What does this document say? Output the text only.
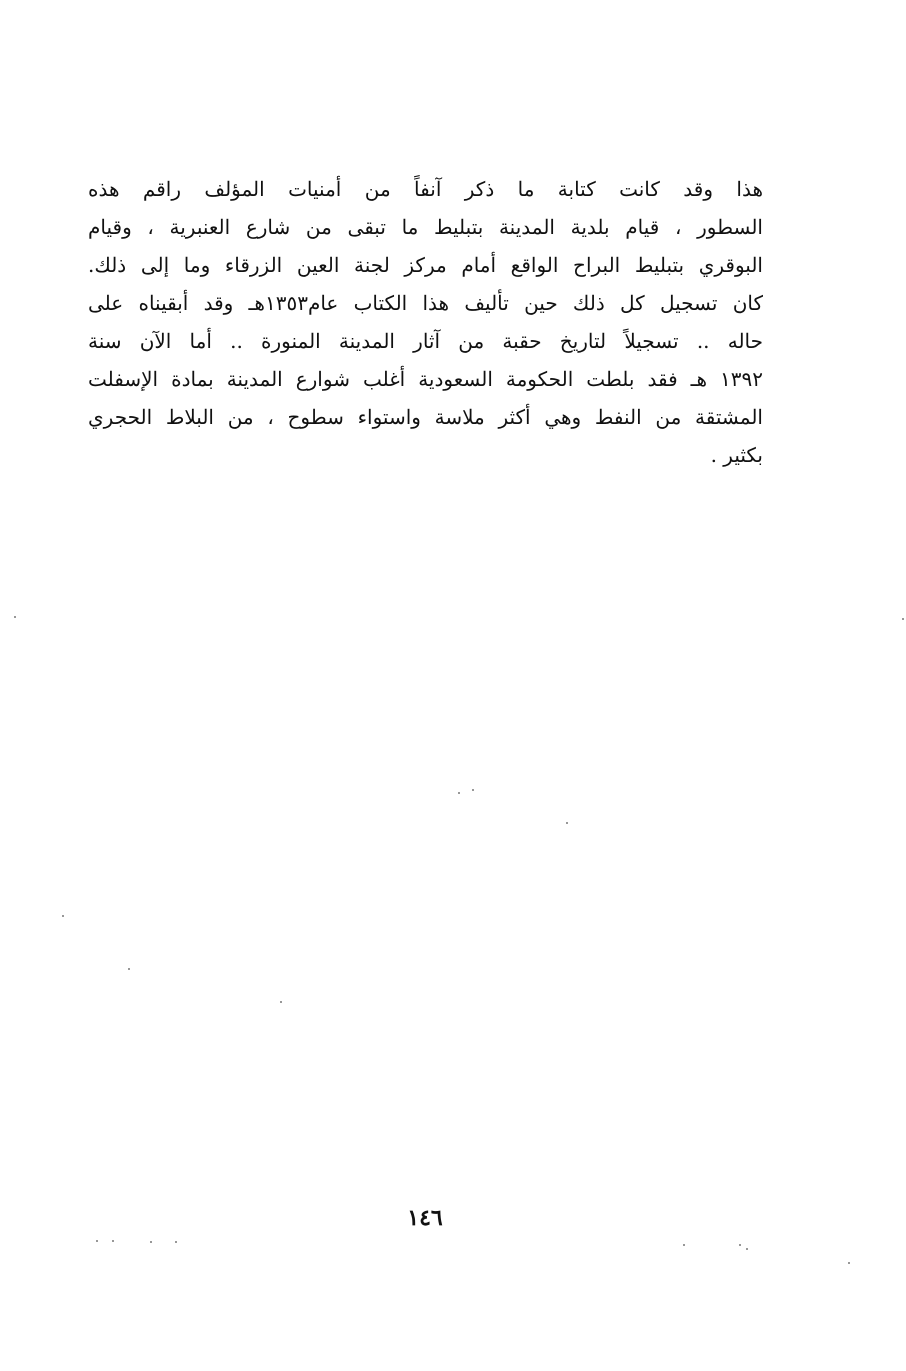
هذا وقد كانت كتابة ما ذكر آنفاً من أمنيات المؤلف راقم هذه
السطور ، قيام بلدية المدينة بتبليط ما تبقى من شارع العنبرية ، وقيام
البوقري بتبليط البراح الواقع أمام مركز لجنة العين الزرقاء وما إلى ذلك.
كان تسجيل كل ذلك حين تأليف هذا الكتاب عام١٣٥٣هـ وقد أبقيناه على
حاله .. تسجيلاً لتاريخ حقبة من آثار المدينة المنورة .. أما الآن سنة
١٣٩٢ هـ فقد بلطت الحكومة السعودية أغلب شوارع المدينة بمادة الإسفلت
المشتقة من النفط وهي أكثر ملاسة واستواء سطوح ، من البلاط الحجري
بكثير .
١٤٦
